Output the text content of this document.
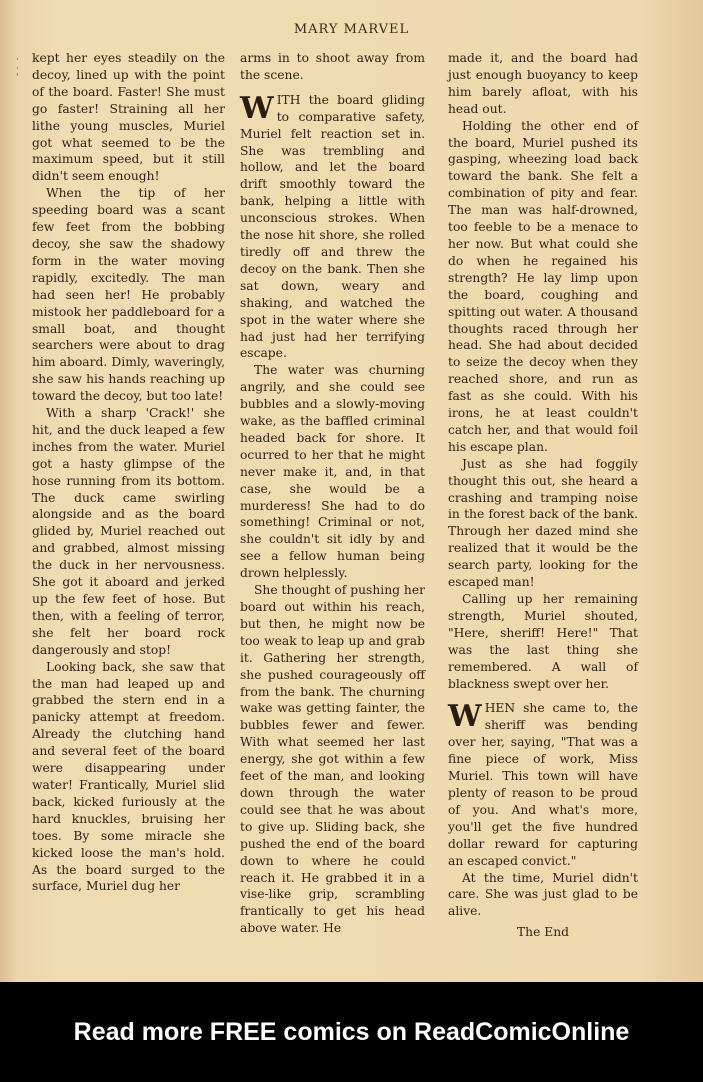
MARY MARVEL
·
·
'

kept her eyes steadily on the decoy, lined up with the point of the board. Faster! She must go faster! Straining all her lithe young muscles, Muriel got what seemed to be the maximum speed, but it still didn't seem enough!

When the tip of her speeding board was a scant few feet from the bobbing decoy, she saw the shadowy form in the water moving rapidly, excitedly. The man had seen her! He probably mistook her paddleboard for a small boat, and thought searchers were about to drag him aboard. Dimly, waveringly, she saw his hands reaching up toward the decoy, but too late!

With a sharp 'Crack!' she hit, and the duck leaped a few inches from the water. Muriel got a hasty glimpse of the hose running from its bottom. The duck came swirling alongside and as the board glided by, Muriel reached out and grabbed, almost missing the duck in her nervousness. She got it aboard and jerked up the few feet of hose. But then, with a feeling of terror, she felt her board rock dangerously and stop!

Looking back, she saw that the man had leaped up and grabbed the stern end in a panicky attempt at freedom. Already the clutching hand and several feet of the board were disappearing under water! Frantically, Muriel slid back, kicked furiously at the hard knuckles, bruising her toes. By some miracle she kicked loose the man's hold. As the board surged to the surface, Muriel dug her

arms in to shoot away from the scene.

WITH the board gliding to comparative safety, Muriel felt reaction set in. She was trembling and hollow, and let the board drift smoothly toward the bank, helping a little with unconscious strokes. When the nose hit shore, she rolled tiredly off and threw the decoy on the bank. Then she sat down, weary and shaking, and watched the spot in the water where she had just had her terrifying escape.

The water was churning angrily, and she could see bubbles and a slowly-moving wake, as the baffled criminal headed back for shore. It ocurred to her that he might never make it, and, in that case, she would be a murderess! She had to do something! Criminal or not, she couldn't sit idly by and see a fellow human being drown helplessly.

She thought of pushing her board out within his reach, but then, he might now be too weak to leap up and grab it. Gathering her strength, she pushed courageously off from the bank. The churning wake was getting fainter, the bubbles fewer and fewer. With what seemed her last energy, she got within a few feet of the man, and looking down through the water could see that he was about to give up. Sliding back, she pushed the end of the board down to where he could reach it. He grabbed it in a vise-like grip, scrambling frantically to get his head above water. He

made it, and the board had just enough buoyancy to keep him barely afloat, with his head out.

Holding the other end of the board, Muriel pushed its gasping, wheezing load back toward the bank. She felt a combination of pity and fear. The man was half-drowned, too feeble to be a menace to her now. But what could she do when he regained his strength? He lay limp upon the board, coughing and spitting out water. A thousand thoughts raced through her head. She had about decided to seize the decoy when they reached shore, and run as fast as she could. With his irons, he at least couldn't catch her, and that would foil his escape plan.

Just as she had foggily thought this out, she heard a crashing and tramping noise in the forest back of the bank. Through her dazed mind she realized that it would be the search party, looking for the escaped man!

Calling up her remaining strength, Muriel shouted, "Here, sheriff! Here!" That was the last thing she remembered. A wall of blackness swept over her.

WHEN she came to, the sheriff was bending over her, saying, "That was a fine piece of work, Miss Muriel. This town will have plenty of reason to be proud of you. And what's more, you'll get the five hundred dollar reward for capturing an escaped convict."

At the time, Muriel didn't care. She was just glad to be alive.

The End

Read more FREE comics on ReadComicOnline
